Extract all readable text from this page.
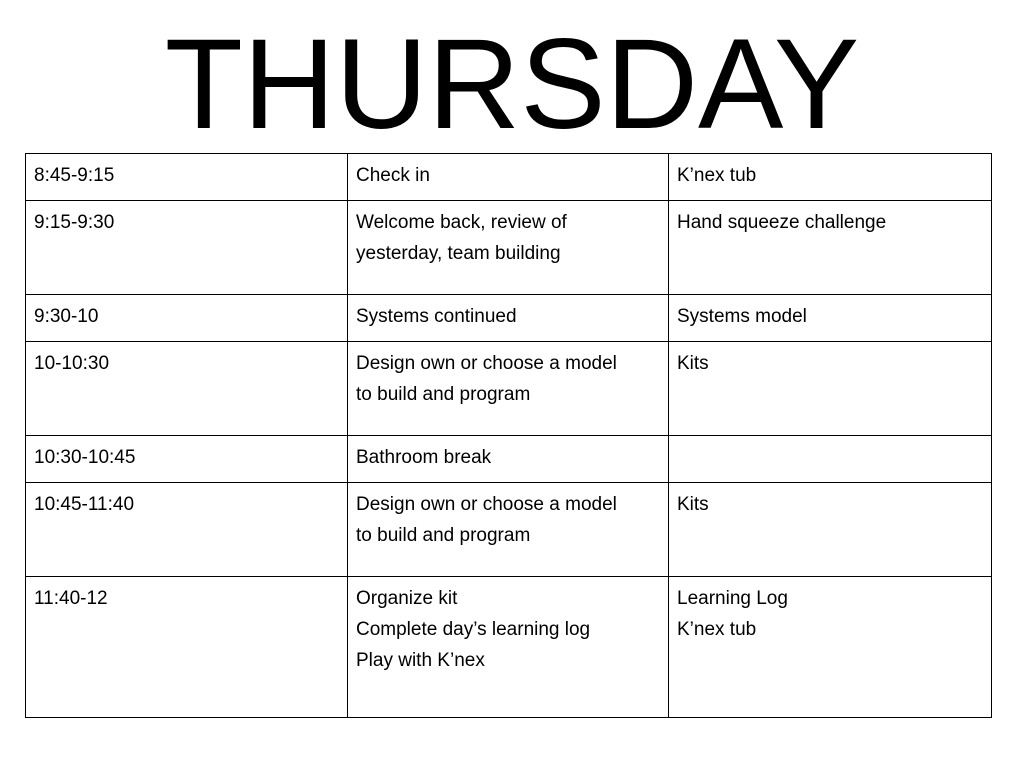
THURSDAY
8:45-9:15	Check in	K’nex tub

9:15-9:30	Welcome back, review of
yesterday, team building	Hand squeeze challenge

9:30-10	Systems continued	Systems model

10-10:30	Design own or choose a model
to build and program	Kits

10:30-10:45	Bathroom break	

10:45-11:40	Design own or choose a model
to build and program	Kits

11:40-12	Organize kit
Complete day’s learning log
Play with K’nex	Learning Log
K’nex tub
